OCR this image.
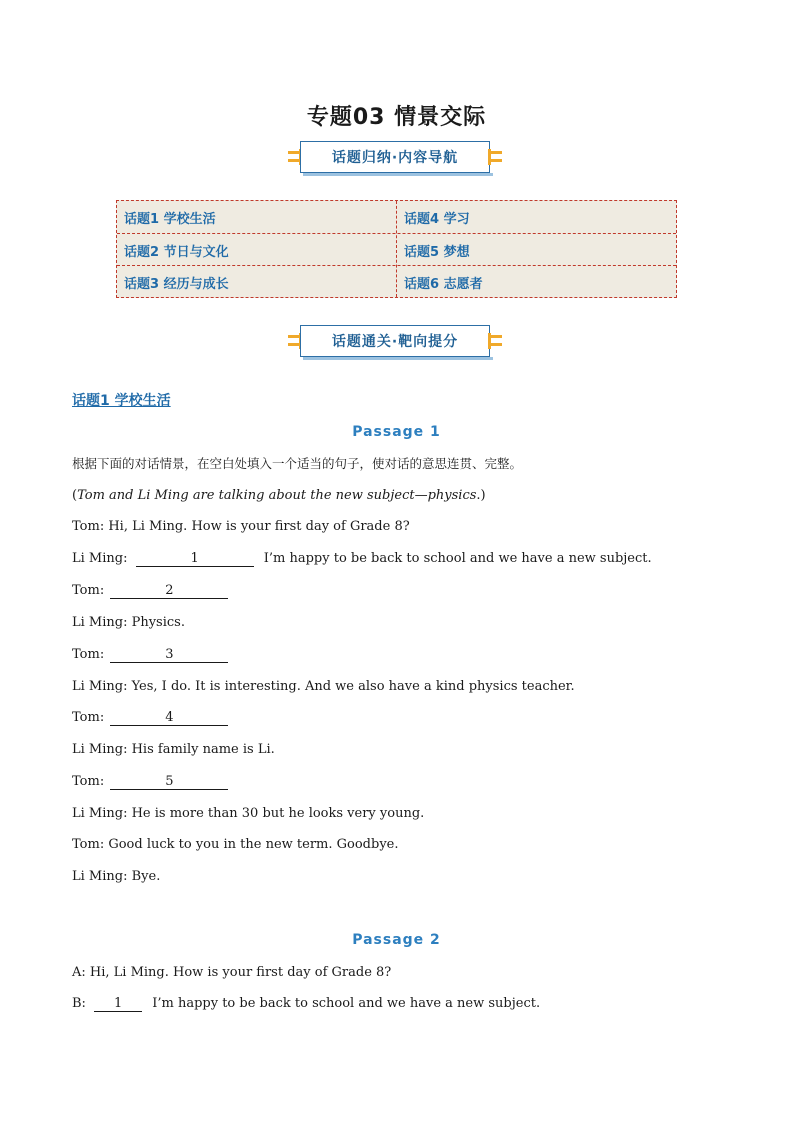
专题03 情景交际
话题归纳·内容导航
话题1 学校生活	话题4 学习
话题2 节日与文化	话题5 梦想
话题3 经历与成长	话题6 志愿者
话题通关·靶向提分
话题1 学校生活
Passage 1
根据下面的对话情景，在空白处填入一个适当的句子，使对话的意思连贯、完整。
(Tom and Li Ming are talking about the new subject—physics.)
Tom: Hi, Li Ming. How is your first day of Grade 8?
Li Ming:	1	I’m happy to be back to school and we have a new subject.
Tom:	2
Li Ming: Physics.
Tom:	3
Li Ming: Yes, I do. It is interesting. And we also have a kind physics teacher.
Tom:	4
Li Ming: His family name is Li.
Tom:	5
Li Ming: He is more than 30 but he looks very young.
Tom: Good luck to you in the new term. Goodbye.
Li Ming: Bye.
Passage 2
A: Hi, Li Ming. How is your first day of Grade 8?
B: 1 I’m happy to be back to school and we have a new subject.
